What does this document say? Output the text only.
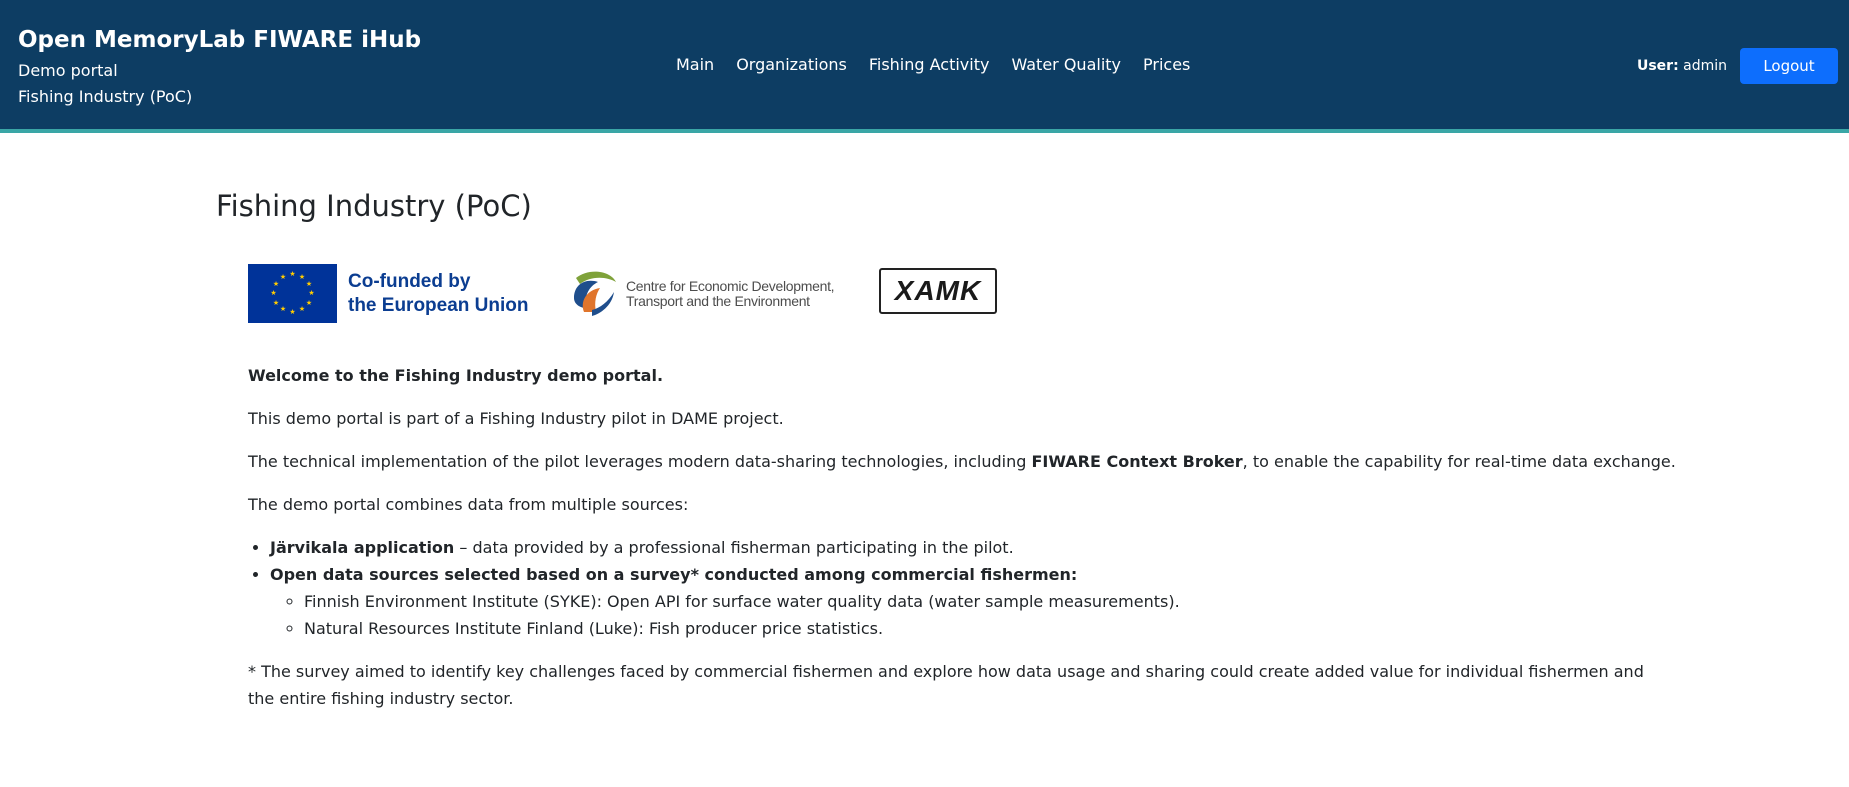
Open MemoryLab FIWARE iHub
Demo portal
Fishing Industry (PoC)
Main Organizations Fishing Activity Water Quality Prices	User: admin	Logout
Fishing Industry (PoC)
★ ★
★
★
★
★
★
★
★
★
★
★	Co-funded by
the European Union
Centre for Economic Development,
Transport and the Environment	XAMK

Welcome to the Fishing Industry demo portal.

This demo portal is part of a Fishing Industry pilot in DAME project.

The technical implementation of the pilot leverages modern data-sharing technologies, including FIWARE Context Broker, to enable the capability for real-time data exchange.

The demo portal combines data from multiple sources:

• Järvikala application – data provided by a professional fisherman participating in the pilot.
• Open data sources selected based on a survey* conducted among commercial fishermen:
◦ Finnish Environment Institute (SYKE): Open API for surface water quality data (water sample measurements).
◦ Natural Resources Institute Finland (Luke): Fish producer price statistics.

* The survey aimed to identify key challenges faced by commercial fishermen and explore how data usage and sharing could create added value for individual fishermen and the entire fishing industry sector.
